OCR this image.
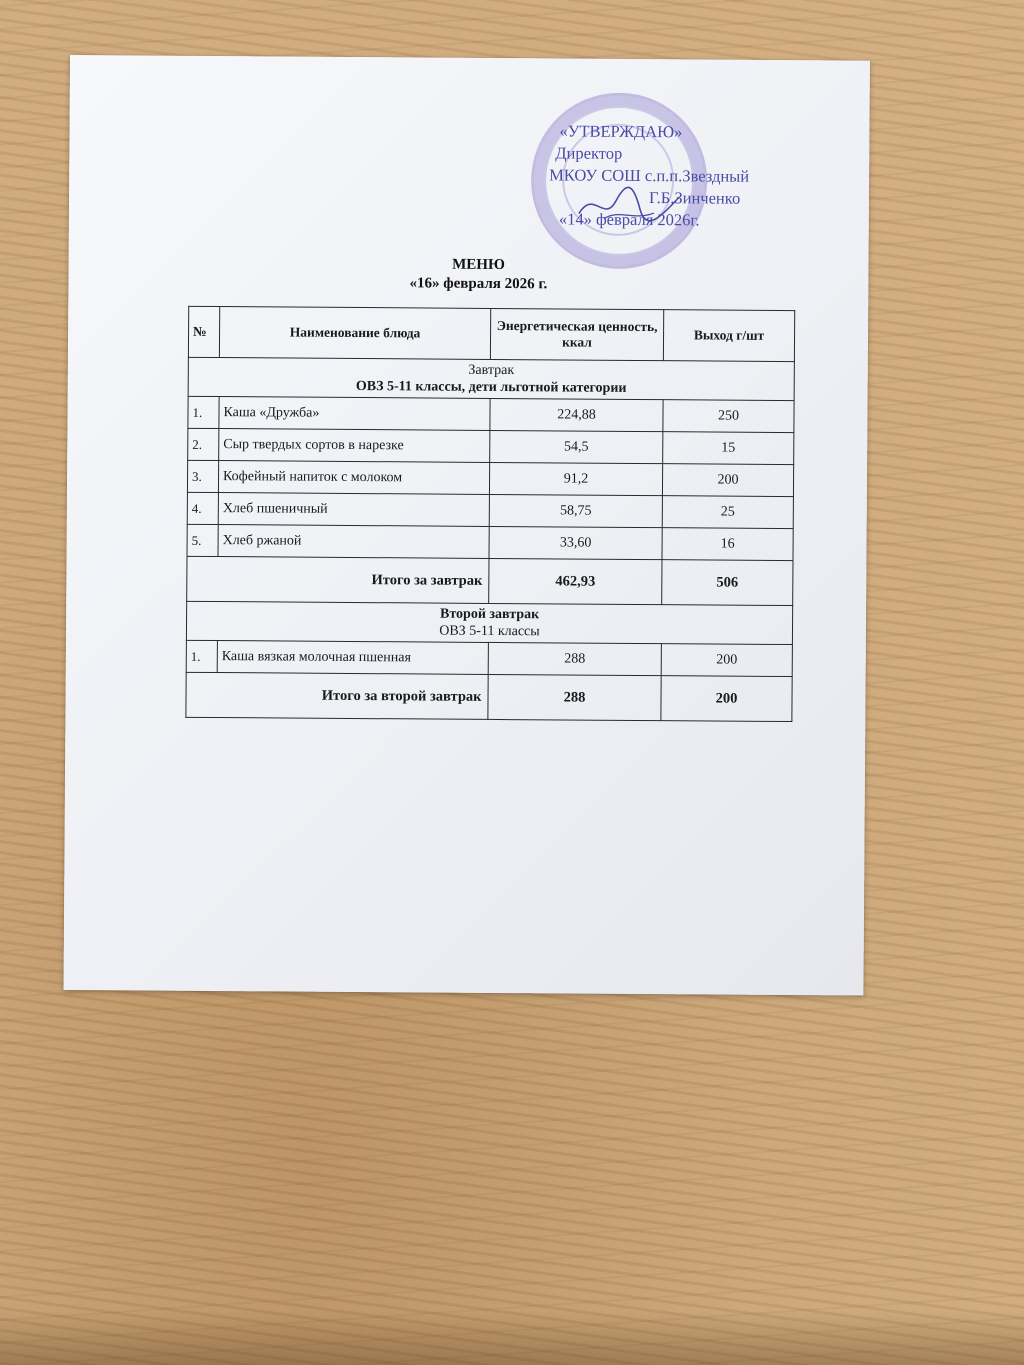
«УТВЕРЖДАЮ»
Директор
МКОУ СОШ с.п.п.Звездный
Г.Б.Зинченко
«14» февраля 2026г.
МЕНЮ
«16» февраля 2026 г.
№	Наименование блюда	Энергетическая ценность, ккал	Выход г/шт

Завтрак
ОВЗ 5-11 классы, дети льготной категории			

1.	Каша «Дружба»	224,88	250
2.	Сыр твердых сортов в нарезке	54,5	15
3.	Кофейный напиток с молоком	91,2	200
4.	Хлеб пшеничный	58,75	25
5.	Хлеб ржаной	33,60	16
Итого за завтрак		462,93	506

Второй завтрак
ОВЗ 5-11 классы			

1.	Каша вязкая молочная пшенная	288	200
Итого за второй завтрак		288	200
